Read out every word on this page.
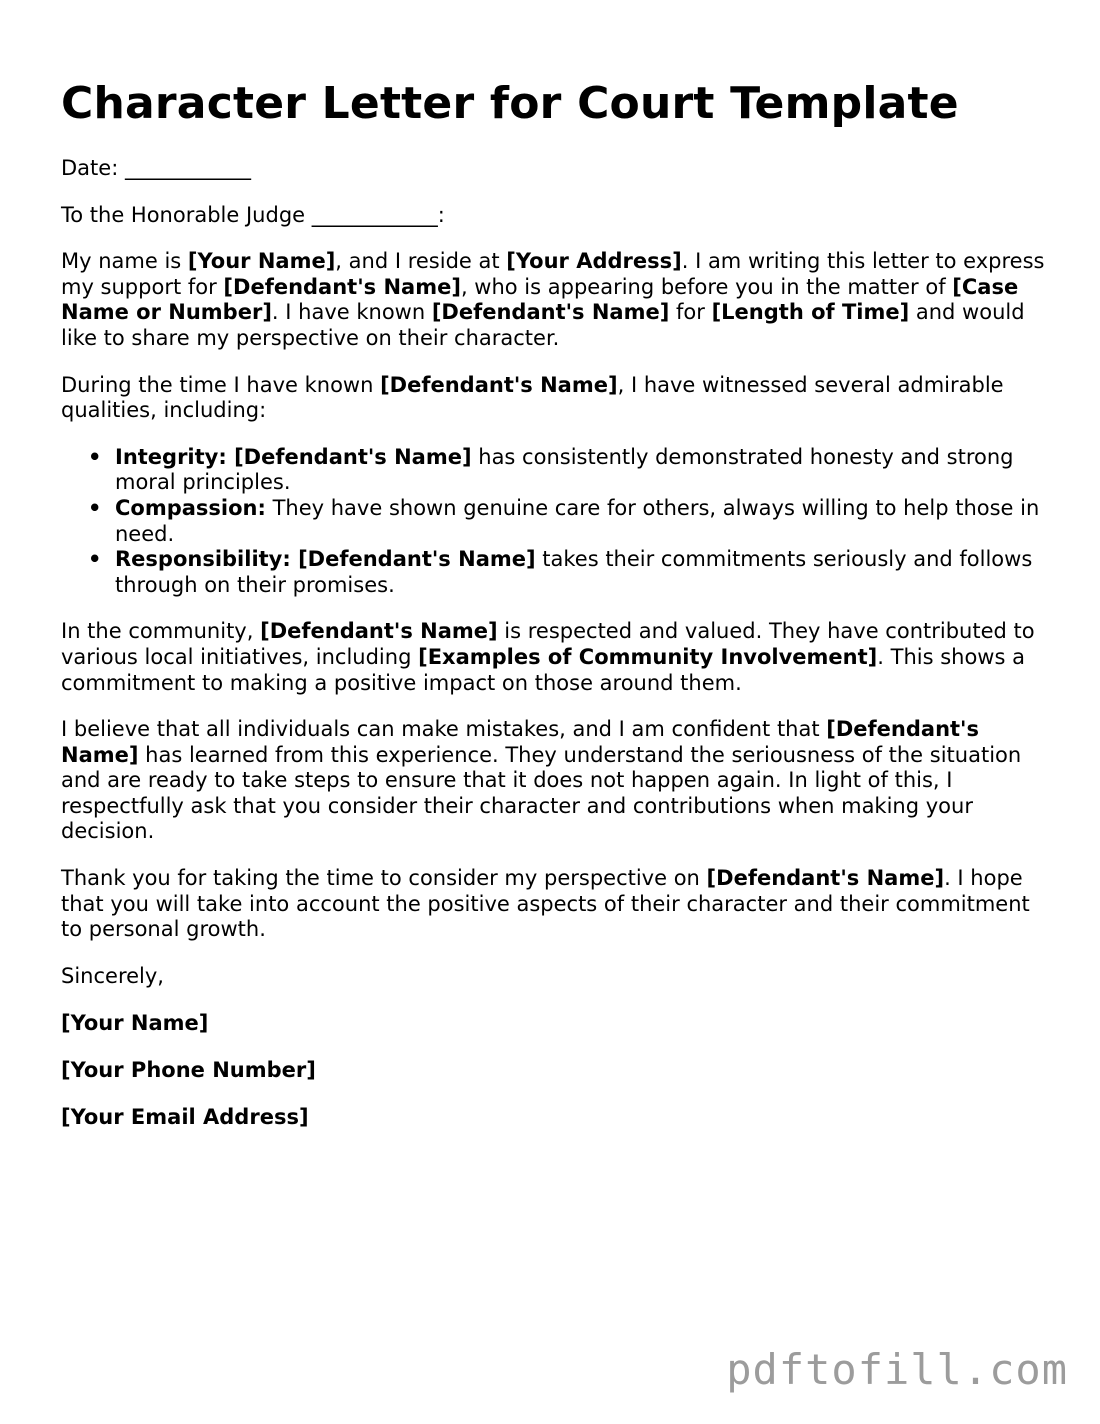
Character Letter for Court Template

Date: ____________

To the Honorable Judge ____________:

My name is [Your Name], and I reside at [Your Address]. I am writing this letter to express my support for [Defendant's Name], who is appearing before you in the matter of [Case Name or Number]. I have known [Defendant's Name] for [Length of Time] and would like to share my perspective on their character.

During the time I have known [Defendant's Name], I have witnessed several admirable qualities, including:

• Integrity: [Defendant's Name] has consistently demonstrated honesty and strong moral principles.
• Compassion: They have shown genuine care for others, always willing to help those in need.
• Responsibility: [Defendant's Name] takes their commitments seriously and follows through on their promises.

In the community, [Defendant's Name] is respected and valued. They have contributed to various local initiatives, including [Examples of Community Involvement]. This shows a commitment to making a positive impact on those around them.

I believe that all individuals can make mistakes, and I am confident that [Defendant's Name] has learned from this experience. They understand the seriousness of the situation and are ready to take steps to ensure that it does not happen again. In light of this, I respectfully ask that you consider their character and contributions when making your decision.

Thank you for taking the time to consider my perspective on [Defendant's Name]. I hope that you will take into account the positive aspects of their character and their commitment to personal growth.

Sincerely,

[Your Name]
[Your Phone Number]
[Your Email Address]
pdftofill.com
